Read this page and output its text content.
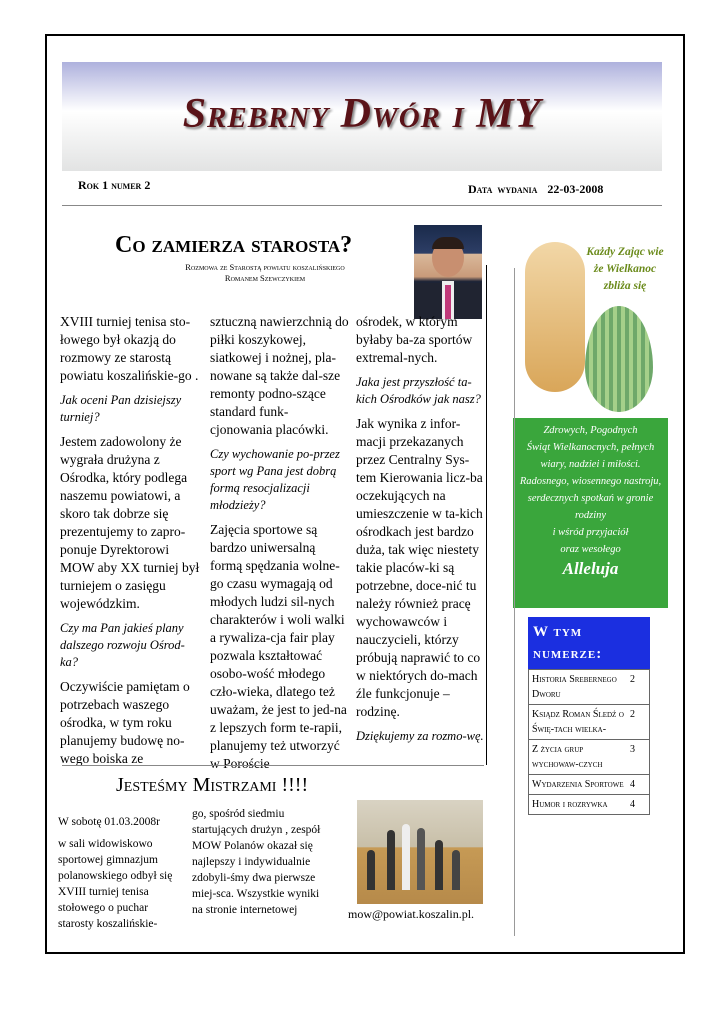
Srebrny Dwór i MY
Rok 1 numer 2	Data wydania 22-03-2008
Co zamierza starosta?
Rozmowa ze Starostą powiatu koszalińskiego
Romanem Szewczykiem

XVIII turniej tenisa sto-łowego był okazją do rozmowy ze starostą powiatu koszalińskie-go .

Jak oceni Pan dzisiejszy turniej?

Jestem zadowolony że wygrała drużyna z Ośrodka, który podlega naszemu powiatowi, a skoro tak dobrze się prezentujemy to zapro-ponuje Dyrektorowi MOW aby XX turniej był turniejem o zasięgu wojewódzkim.

Czy ma Pan jakieś plany dalszego rozwoju Ośrod-ka?

Oczywiście pamiętam o potrzebach waszego ośrodka, w tym roku planujemy budowę no-wego boiska ze

sztuczną nawierzchnią do piłki koszykowej, siatkowej i nożnej, pla-nowane są także dal-sze remonty podno-szące standard funk-cjonowania placówki.

Czy wychowanie po-przez sport wg Pana jest dobrą formą resocjalizacji młodzieży?

Zajęcia sportowe są bardzo uniwersalną formą spędzania wolne-go czasu wymagają od młodych ludzi sil-nych charakterów i woli walki a rywaliza-cja fair play pozwala kształtować osobo-wość młodego czło-wieka, dlatego też uważam, że jest to jed-na z lepszych form te-rapii, planujemy też utworzyć w Poroście

ośrodek, w którym byłaby ba-za sportów extremal-nych.

Jaka jest przyszłość ta-kich Ośrodków jak nasz?

Jak wynika z infor-macji przekazanych przez Centralny Sys-tem Kierowania licz-ba oczekujących na umieszczenie w ta-kich ośrodkach jest bardzo duża, tak więc niestety takie placów-ki są potrzebne, doce-nić tu należy również pracę wychowawców i nauczycieli, którzy próbują naprawić to co w niektórych do-mach źle funkcjonuje –rodzinę.

Dziękujemy za rozmo-wę.

Jesteśmy Mistrzami !!!!

W sobotę 01.03.2008r

w sali widowiskowo sportowej gimnazjum polanowskiego odbył się XVIII turniej tenisa stołowego o puchar starosty koszalińskie-

go, spośród siedmiu startujących drużyn , zespół MOW Polanów okazał się najlepszy i indywidualnie zdobyli-śmy dwa pierwsze miej-sca. Wszystkie wyniki na stronie internetowej	mow@powiat.koszalin.pl.
Każdy Zając wie że Wielkanoc zbliża się
Zdrowych, Pogodnych
Świąt Wielkanocnych, pełnych
wiary, nadziei i miłości.
Radosnego, wiosennego nastroju,
serdecznych spotkań w gronie
rodziny
i wśród przyjaciół
oraz wesołego
Alleluja
W tym numerze:
Historia Srebernego Dworu
2
Ksiądz Roman Śledź o Świę-tach wielka-
2
Z życia grup wychowaw-czych
3
Wydarzenia Sportowe 4
Humor i rozrywka 4
